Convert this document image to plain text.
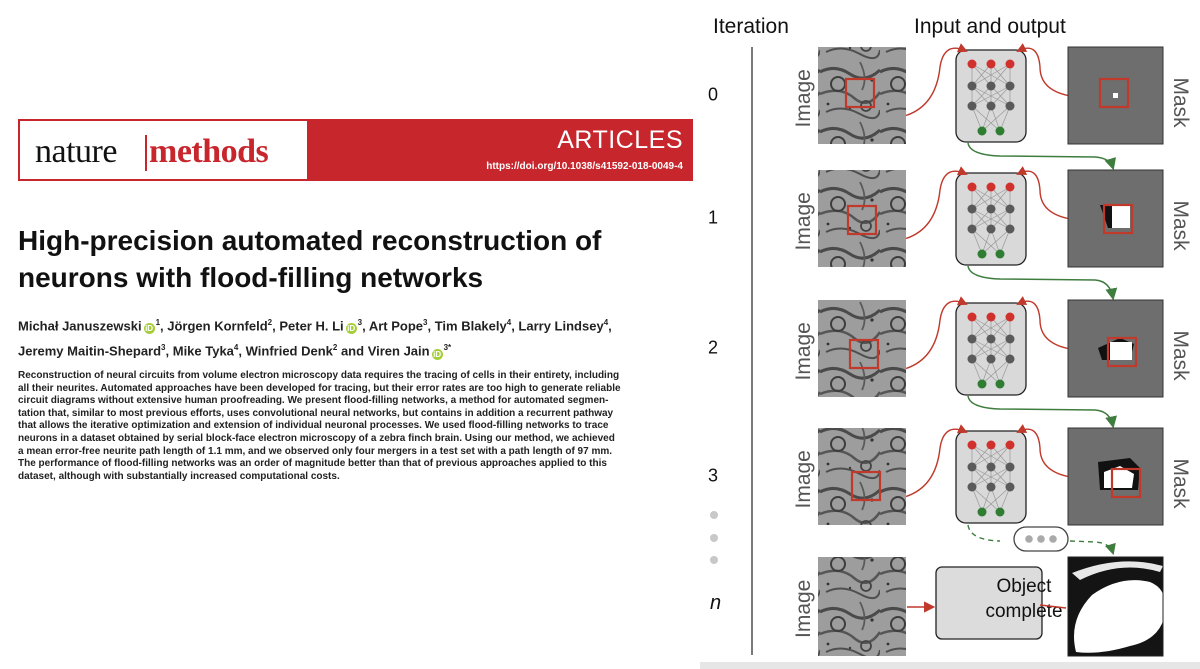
nature methods	ARTICLES
https://doi.org/10.1038/s41592-018-0049-4
High-precision automated reconstruction of
neurons with flood-filling networks
Michał Januszewski $iD^1$, Jörgen Kornfeld$^2$, Peter H. Li $iD^3$, Art Pope$^3$, Tim Blakely$^4$, Larry Lindsey$^4$,
Jeremy Maitin-Shepard$^3$, Mike Tyka$^4$, Winfried Denk$^2$ and Viren Jain $iD^{3*}$
Reconstruction of neural circuits from volume electron microscopy data requires the tracing of cells in their entirety, including
all their neurites. Automated approaches have been developed for tracing, but their error rates are too high to generate reliable
circuit diagrams without extensive human proofreading. We present flood-filling networks, a method for automated segmen-
tation that, similar to most previous efforts, uses convolutional neural networks, but contains in addition a recurrent pathway
that allows the iterative optimization and extension of individual neuronal processes. We used flood-filling networks to trace
neurons in a dataset obtained by serial block-face electron microscopy of a zebra finch brain. Using our method, we achieved
a mean error-free neurite path length of 1.1 mm, and we observed only four mergers in a test set with a path length of 97 mm.
The performance of flood-filling networks was an order of magnitude better than that of previous approaches applied to this
dataset, although with substantially increased computational costs.
Iteration	Input and output
0	Image	Mask
1	Image	Mask
2	Image	Mask
3	Image	Mask
n	Image	Object
complete
